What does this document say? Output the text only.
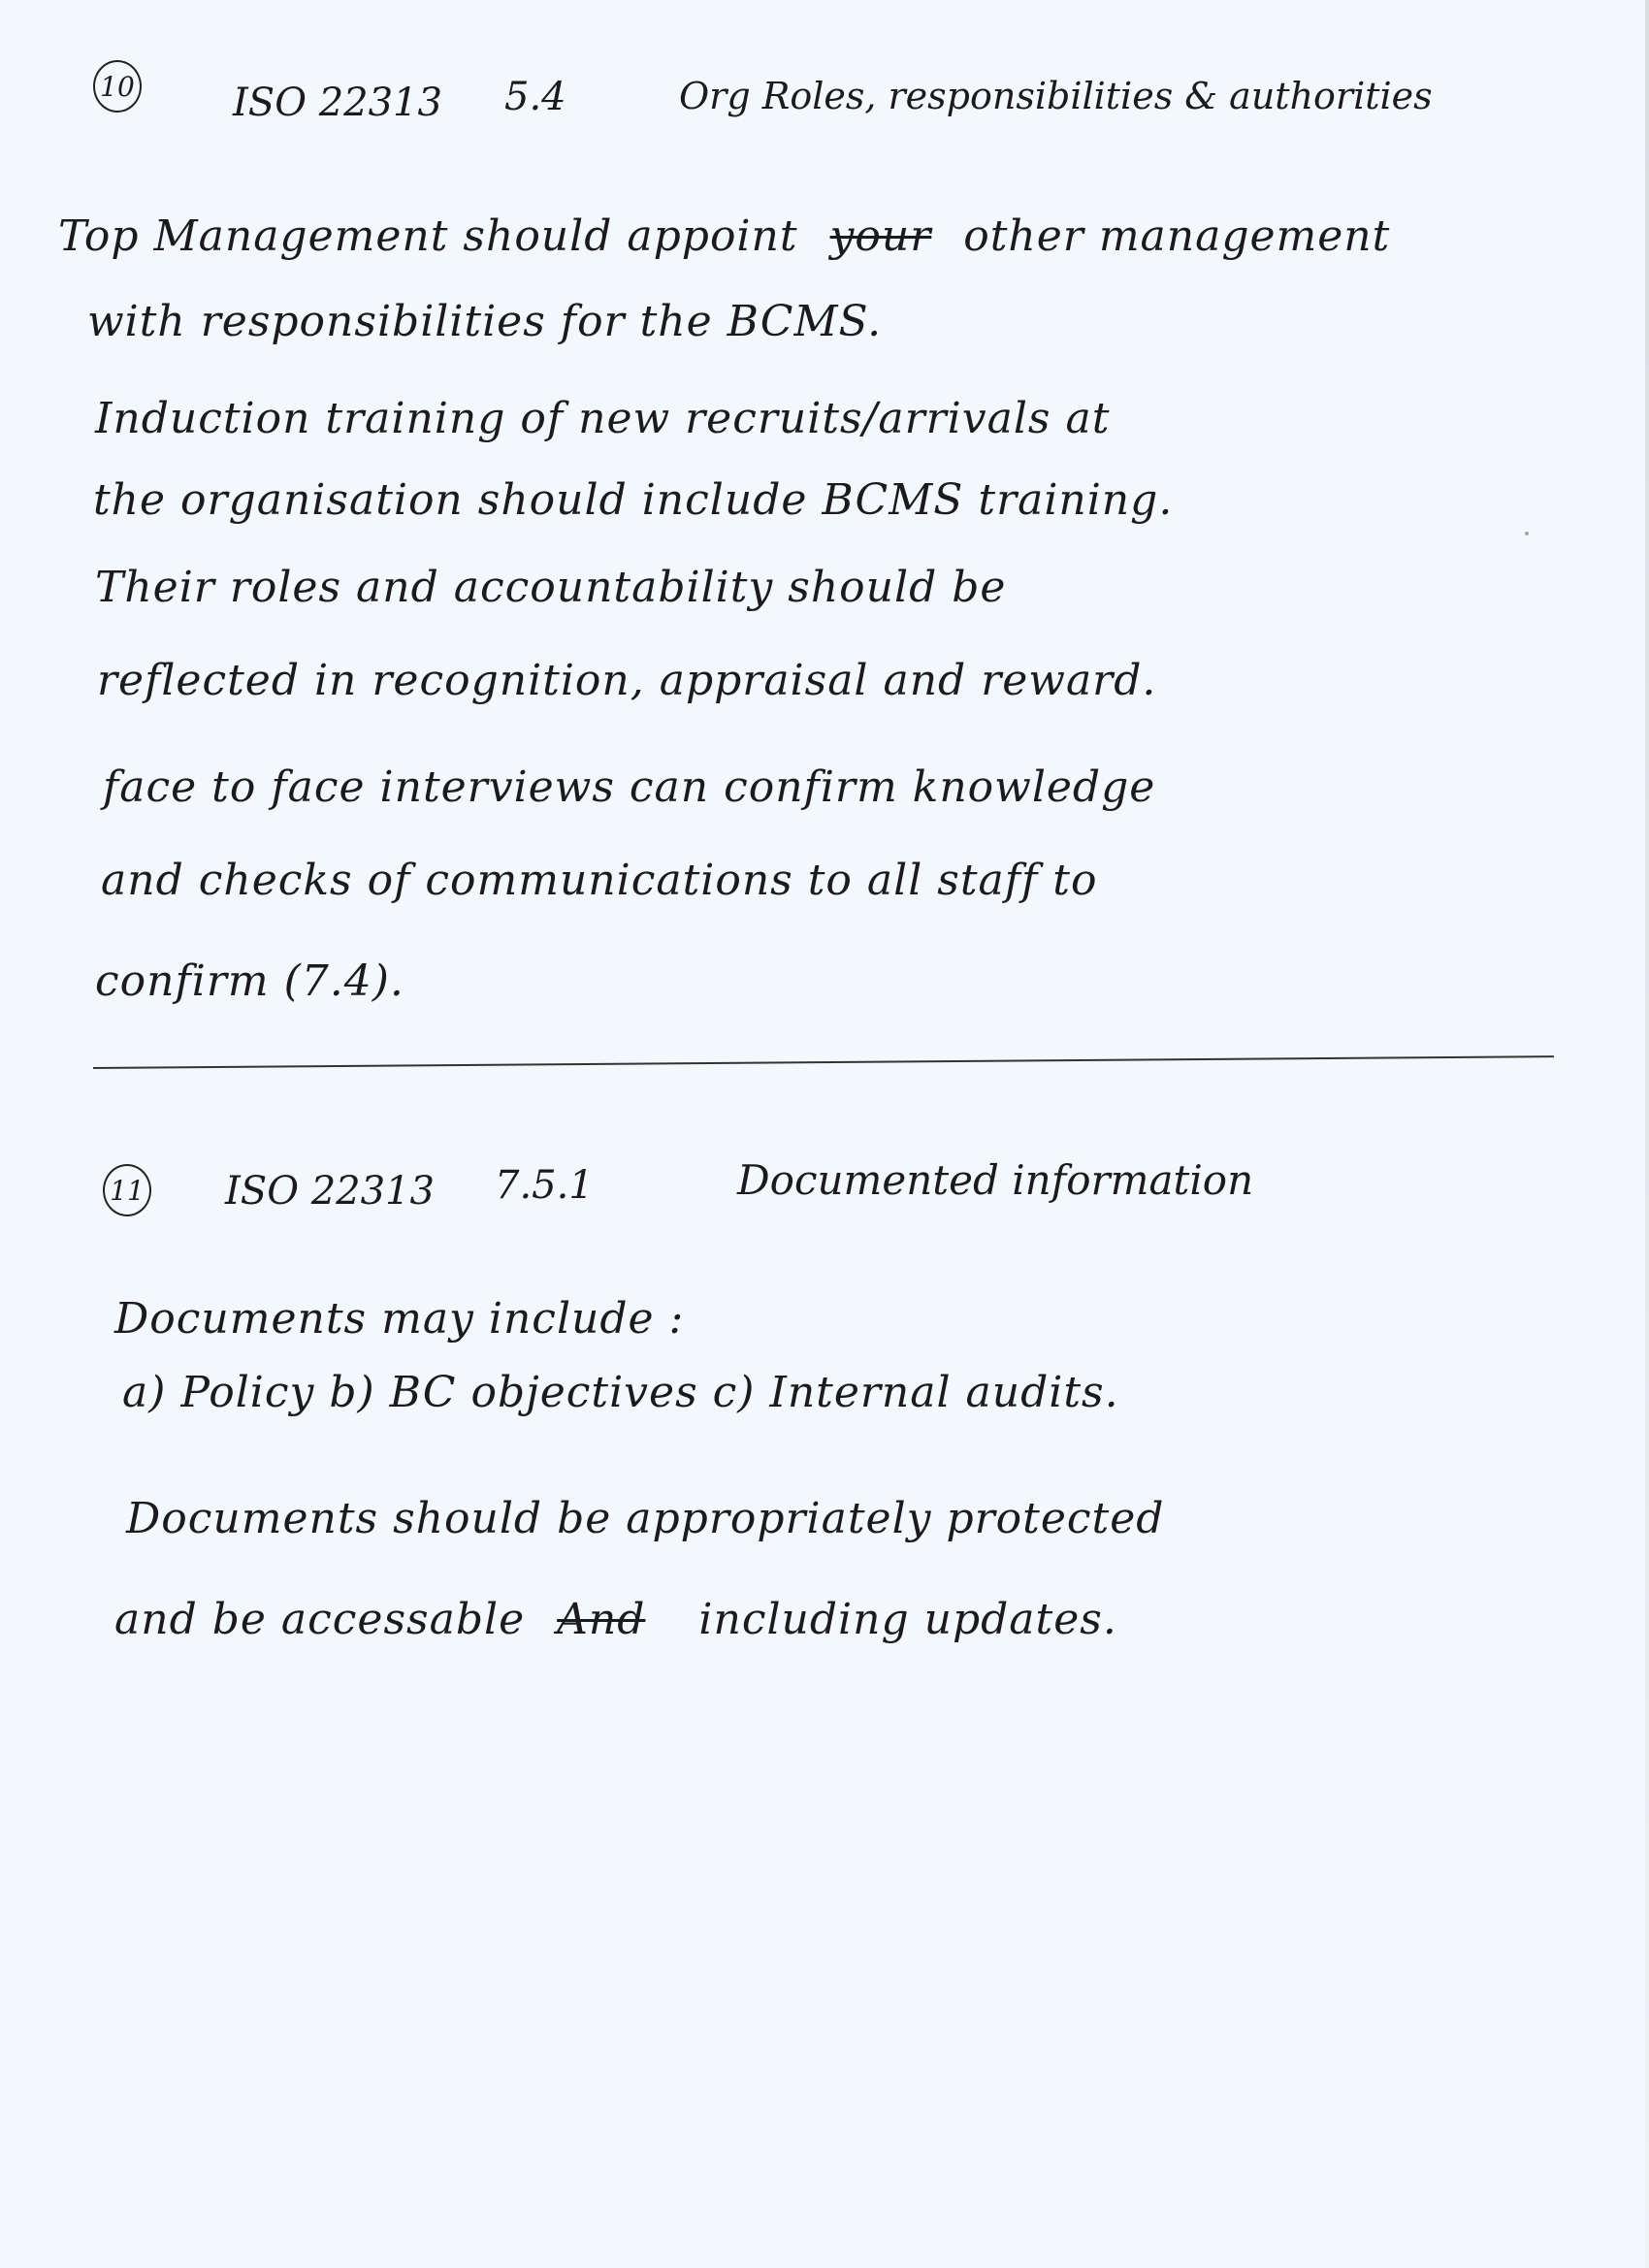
10	ISO 22313 5.4	Org Roles, responsibilities & authorities
Top Management should appoint your other management
with responsibilities for the BCMS.
Induction training of new recruits/arrivals at
the organisation should include BCMS training.
Their roles and accountability should be
reflected in recognition, appraisal and reward.
face to face interviews can confirm knowledge
and checks of communications to all staff to
confirm (7.4).
11 ISO 22313 7.5.1	Documented information
Documents may include :
a) Policy b) BC objectives c) Internal audits.
Documents should be appropriately protected
and be accessable And including updates.
